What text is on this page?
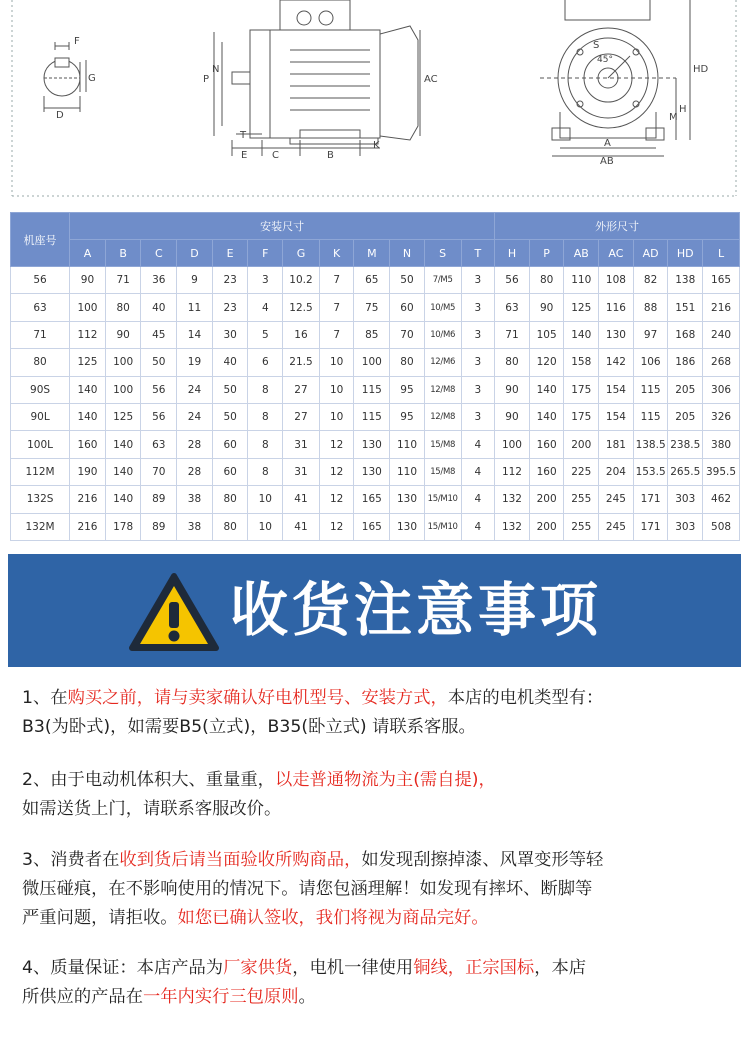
F
G
D
P
N
AC
T
E C	B
K
S
45°
HD
H
M
A
AB
机座号	安装尺寸												外形尺寸						
	A	B	C	D	E	F	G	K	M	N	S	T	H	P	AB	AC	AD	HD	L
56	90	71	36	9	23	3	10.2	7	65	50	7/M5	3	56	80	110	108	82	138	165
63	100	80	40	11	23	4	12.5	7	75	60	10/M5	3	63	90	125	116	88	151	216
71	112	90	45	14	30	5	16	7	85	70	10/M6	3	71	105	140	130	97	168	240
80	125	100	50	19	40	6	21.5	10	100	80	12/M6	3	80	120	158	142	106	186	268
90S	140	100	56	24	50	8	27	10	115	95	12/M8	3	90	140	175	154	115	205	306
90L	140	125	56	24	50	8	27	10	115	95	12/M8	3	90	140	175	154	115	205	326
100L	160	140	63	28	60	8	31	12	130	110	15/M8	4	100	160	200	181	138.5	238.5	380
112M	190	140	70	28	60	8	31	12	130	110	15/M8	4	112	160	225	204	153.5	265.5	395.5
132S	216	140	89	38	80	10	41	12	165	130	15/M10	4	132	200	255	245	171	303	462
132M	216	178	89	38	80	10	41	12	165	130	15/M10	4	132	200	255	245	171	303	508
收货注意事项
1、在购买之前，请与卖家确认好电机型号、安装方式，本店的电机类型有：
B3(为卧式)，如需要B5(立式)，B35(卧立式) 请联系客服。
2、由于电动机体积大、重量重，以走普通物流为主(需自提)，
如需送货上门，请联系客服改价。
3、消费者在收到货后请当面验收所购商品，如发现刮擦掉漆、风罩变形等轻
微压碰痕，在不影响使用的情况下。请您包涵理解！如发现有摔坏、断脚等
严重问题，请拒收。如您已确认签收，我们将视为商品完好。
4、质量保证：本店产品为厂家供货，电机一律使用铜线，正宗国标，本店
所供应的产品在一年内实行三包原则。
